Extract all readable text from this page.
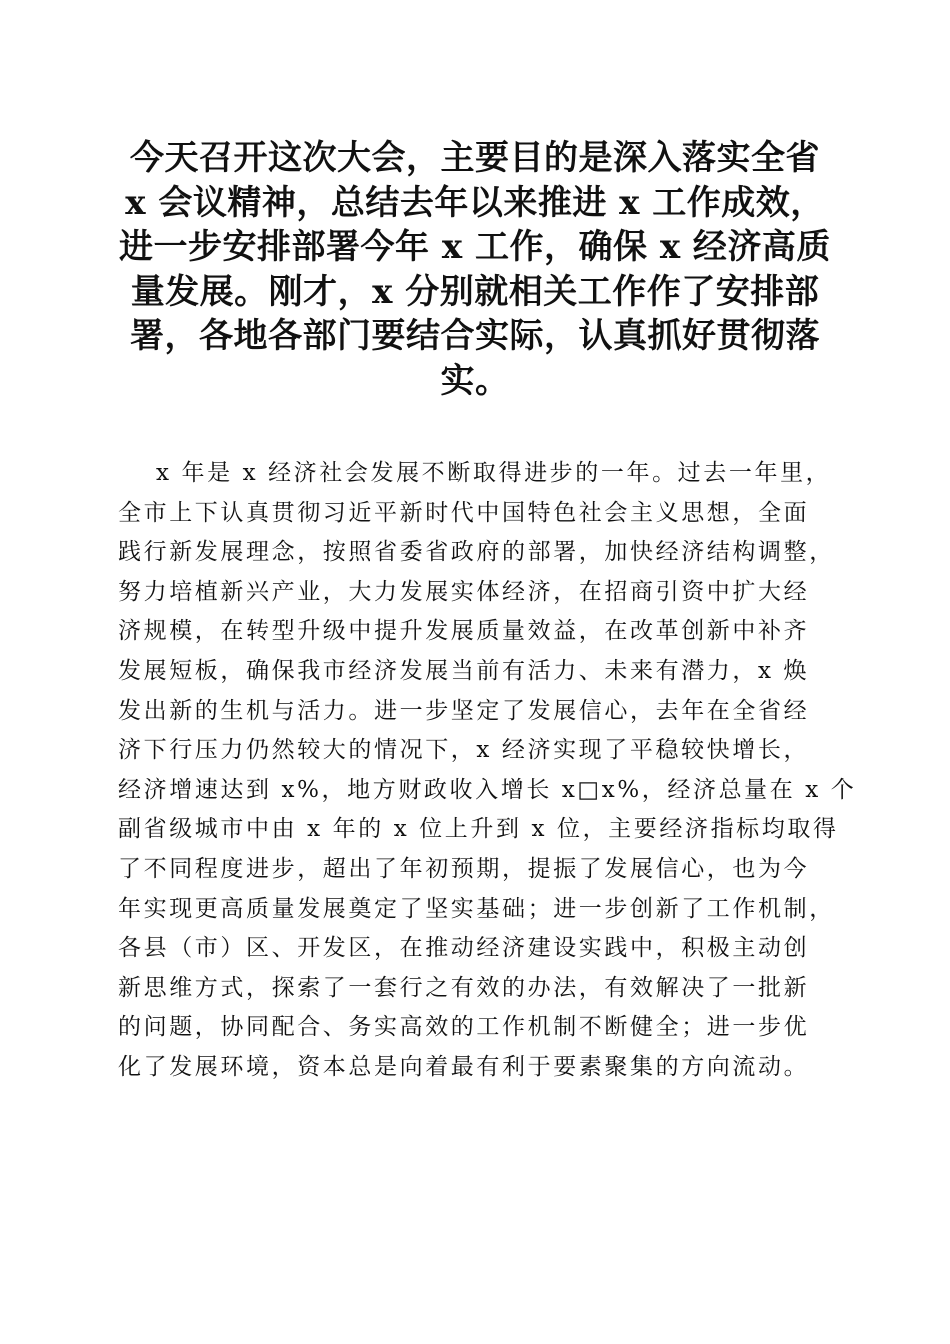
今天召开这次大会，主要目的是深入落实全省
x 会议精神，总结去年以来推进 x 工作成效，
进一步安排部署今年 x 工作，确保 x 经济高质
量发展。刚才，x 分别就相关工作作了安排部
署，各地各部门要结合实际，认真抓好贯彻落
实。
x 年是 x 经济社会发展不断取得进步的一年。过去一年里，
全市上下认真贯彻习近平新时代中国特色社会主义思想，全面
践行新发展理念，按照省委省政府的部署，加快经济结构调整，
努力培植新兴产业，大力发展实体经济，在招商引资中扩大经
济规模，在转型升级中提升发展质量效益，在改革创新中补齐
发展短板，确保我市经济发展当前有活力、未来有潜力，x 焕
发出新的生机与活力。进一步坚定了发展信心，去年在全省经
济下行压力仍然较大的情况下，x 经济实现了平稳较快增长，
经济增速达到 x%，地方财政收入增长 x□x%，经济总量在 x 个
副省级城市中由 x 年的 x 位上升到 x 位，主要经济指标均取得
了不同程度进步，超出了年初预期，提振了发展信心，也为今
年实现更高质量发展奠定了坚实基础；进一步创新了工作机制，
各县（市）区、开发区，在推动经济建设实践中，积极主动创
新思维方式，探索了一套行之有效的办法，有效解决了一批新
的问题，协同配合、务实高效的工作机制不断健全；进一步优
化了发展环境，资本总是向着最有利于要素聚集的方向流动。
